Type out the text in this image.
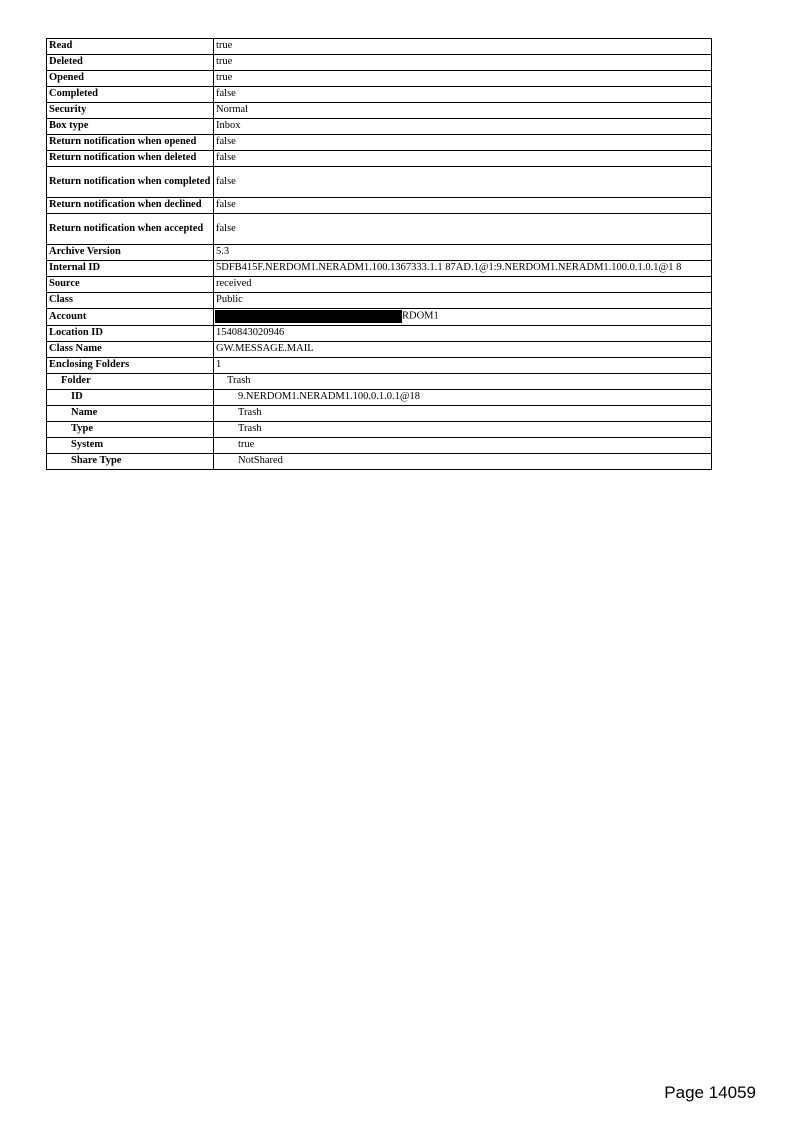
Read	true
Deleted	true
Opened	true
Completed	false
Security	Normal
Box type	Inbox
Return notification when opened	false
Return notification when deleted	false
Return notification when completed	false
Return notification when declined	false
Return notification when accepted	false
Archive Version	5.3
Internal ID	5DFB415F.NERDOM1.NERADM1.100.1367333.1.1 87AD.1@1:9.NERDOM1.NERADM1.100.0.1.0.1@1 8
Source	received
Class	Public
Account	RDOM1
Location ID	1540843020946
Class Name	GW.MESSAGE.MAIL
Enclosing Folders	1
Folder	Trash
ID	9.NERDOM1.NERADM1.100.0.1.0.1@18
Name	Trash
Type	Trash
System	true
Share Type	NotShared
Page 14059
